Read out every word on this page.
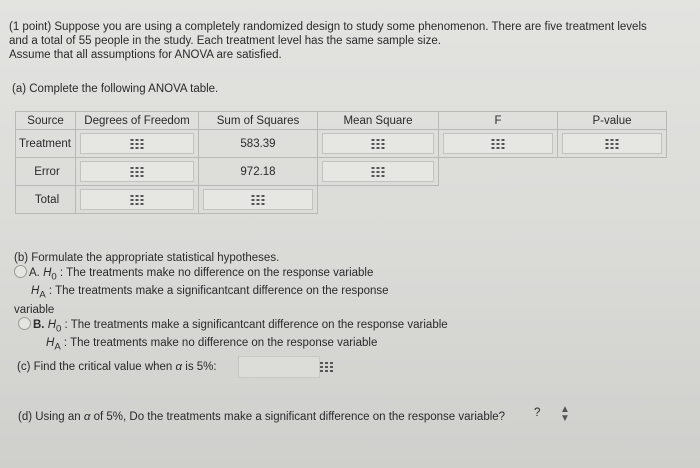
(1 point) Suppose you are using a completely randomized design to study some phenomenon. There are five treatment levels
and a total of 55 people in the study. Each treatment level has the same sample size.
Assume that all assumptions for ANOVA are satisfied.
(a) Complete the following ANOVA table.
Source	Degrees of Freedom	Sum of Squares	Mean Square	F	P-value
Treatment		583.39	

Error		972.18	

Total	

(b) Formulate the appropriate statistical hypotheses.
A. $H_0$ : The treatments make no difference on the response variable
$H_A$ : The treatments make a significantcant difference on the response
variable
B. $H_0$ : The treatments make a significantcant difference on the response variable
$H_A$ : The treatments make no difference on the response variable
(c) Find the critical value when α is 5%:
(d) Using an α of 5%, Do the treatments make a significant difference on the response variable?	? ▲
▼
